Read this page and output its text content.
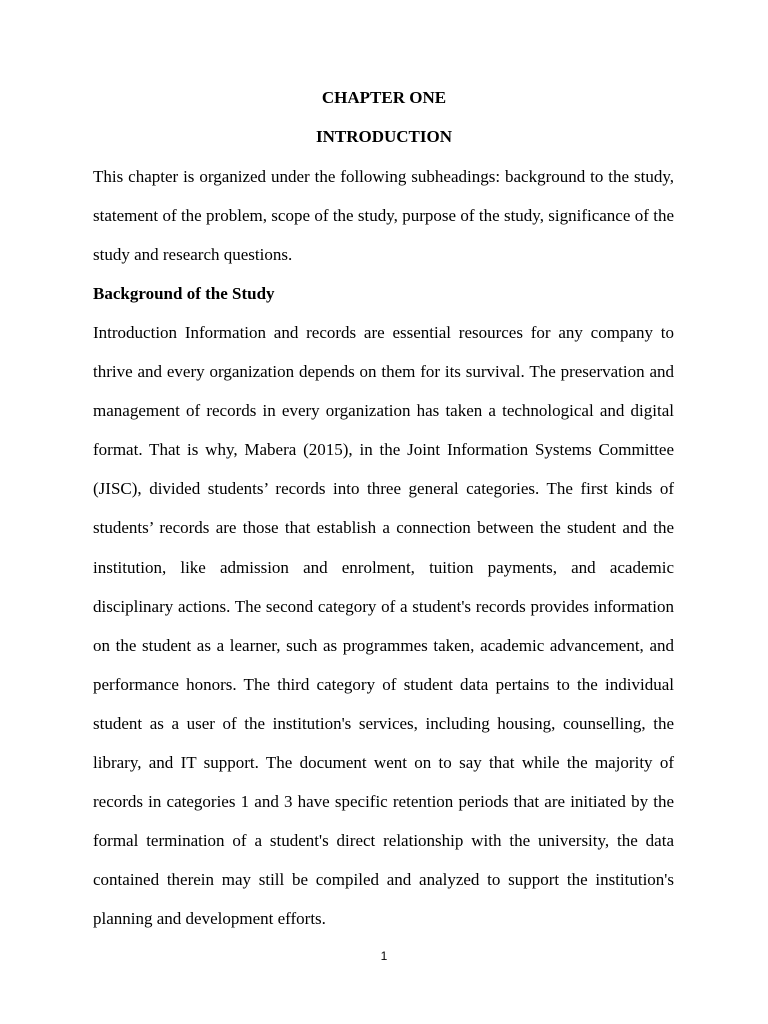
CHAPTER ONE
INTRODUCTION

This chapter is organized under the following subheadings: background to the study, statement of the problem, scope of the study, purpose of the study, significance of the study and research questions.

Background of the Study

Introduction Information and records are essential resources for any company to thrive and every organization depends on them for its survival. The preservation and management of records in every organization has taken a technological and digital format. That is why, Mabera (2015), in the Joint Information Systems Committee (JISC), divided students’ records into three general categories. The first kinds of students’ records are those that establish a connection between the student and the institution, like admission and enrolment, tuition payments, and academic disciplinary actions. The second category of a student's records provides information on the student as a learner, such as programmes taken, academic advancement, and performance honors. The third category of student data pertains to the individual student as a user of the institution's services, including housing, counselling, the library, and IT support. The document went on to say that while the majority of records in categories 1 and 3 have specific retention periods that are initiated by the formal termination of a student's direct relationship with the university, the data contained therein may still be compiled and analyzed to support the institution's planning and development efforts.

1
